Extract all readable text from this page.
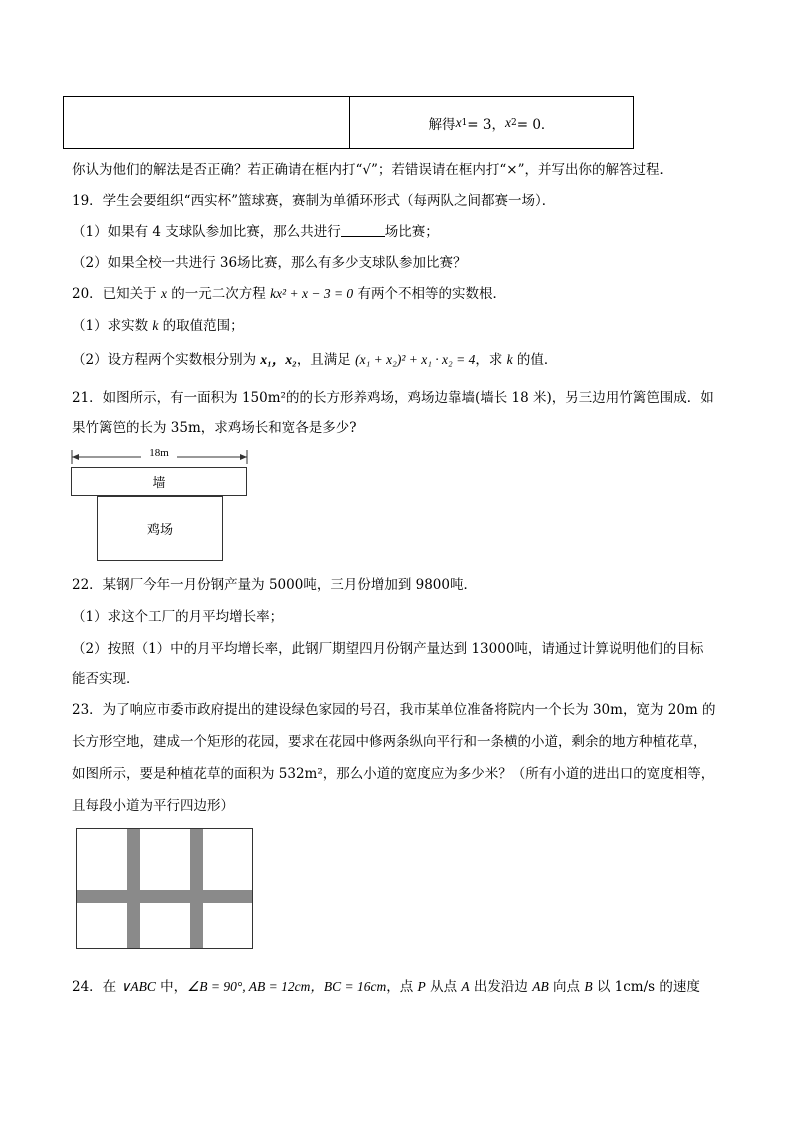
解得 x 1 = 3， x 2 = 0．
你认为他们的解法是否正确？若正确请在框内打“√”；若错误请在框内打“×”，并写出你的解答过程．
19．学生会要组织“西实杯”篮球赛，赛制为单循环形式（每两队之间都赛一场）．
（1）如果有 4 支球队参加比赛，那么共进行	场比赛；
（2）如果全校一共进行 36场比赛，那么有多少支球队参加比赛？
20．已知关于 x 的一元二次方程 kx² + x − 3 = 0 有两个不相等的实数根．
（1）求实数 k 的取值范围；
（2）设方程两个实数根分别为 x₁，x₂，且满足 (x₁ + x₂)² + x₁ · x₂ = 4，求 k 的值．
21．如图所示，有一面积为 150m²的的长方形养鸡场，鸡场边靠墙(墙长 18 米)，另三边用竹篱笆围成．如
果竹篱笆的长为 35m，求鸡场长和宽各是多少?
18m
墙
鸡场
22．某钢厂今年一月份钢产量为 5000吨，三月份增加到 9800吨．
（1）求这个工厂的月平均增长率；
（2）按照（1）中的月平均增长率，此钢厂期望四月份钢产量达到 13000吨，请通过计算说明他们的目标
能否实现．
23．为了响应市委市政府提出的建设绿色家园的号召，我市某单位准备将院内一个长为 30m，宽为 20m 的
长方形空地，建成一个矩形的花园，要求在花园中修两条纵向平行和一条横的小道，剩余的地方种植花草，
如图所示，要是种植花草的面积为 532m²，那么小道的宽度应为多少米？（所有小道的进出口的宽度相等，
且每段小道为平行四边形）
24．在 ∨ABC 中，∠B = 90°, AB = 12cm，BC = 16cm，点 P 从点 A 出发沿边 AB 向点 B 以 1cm/s 的速度
